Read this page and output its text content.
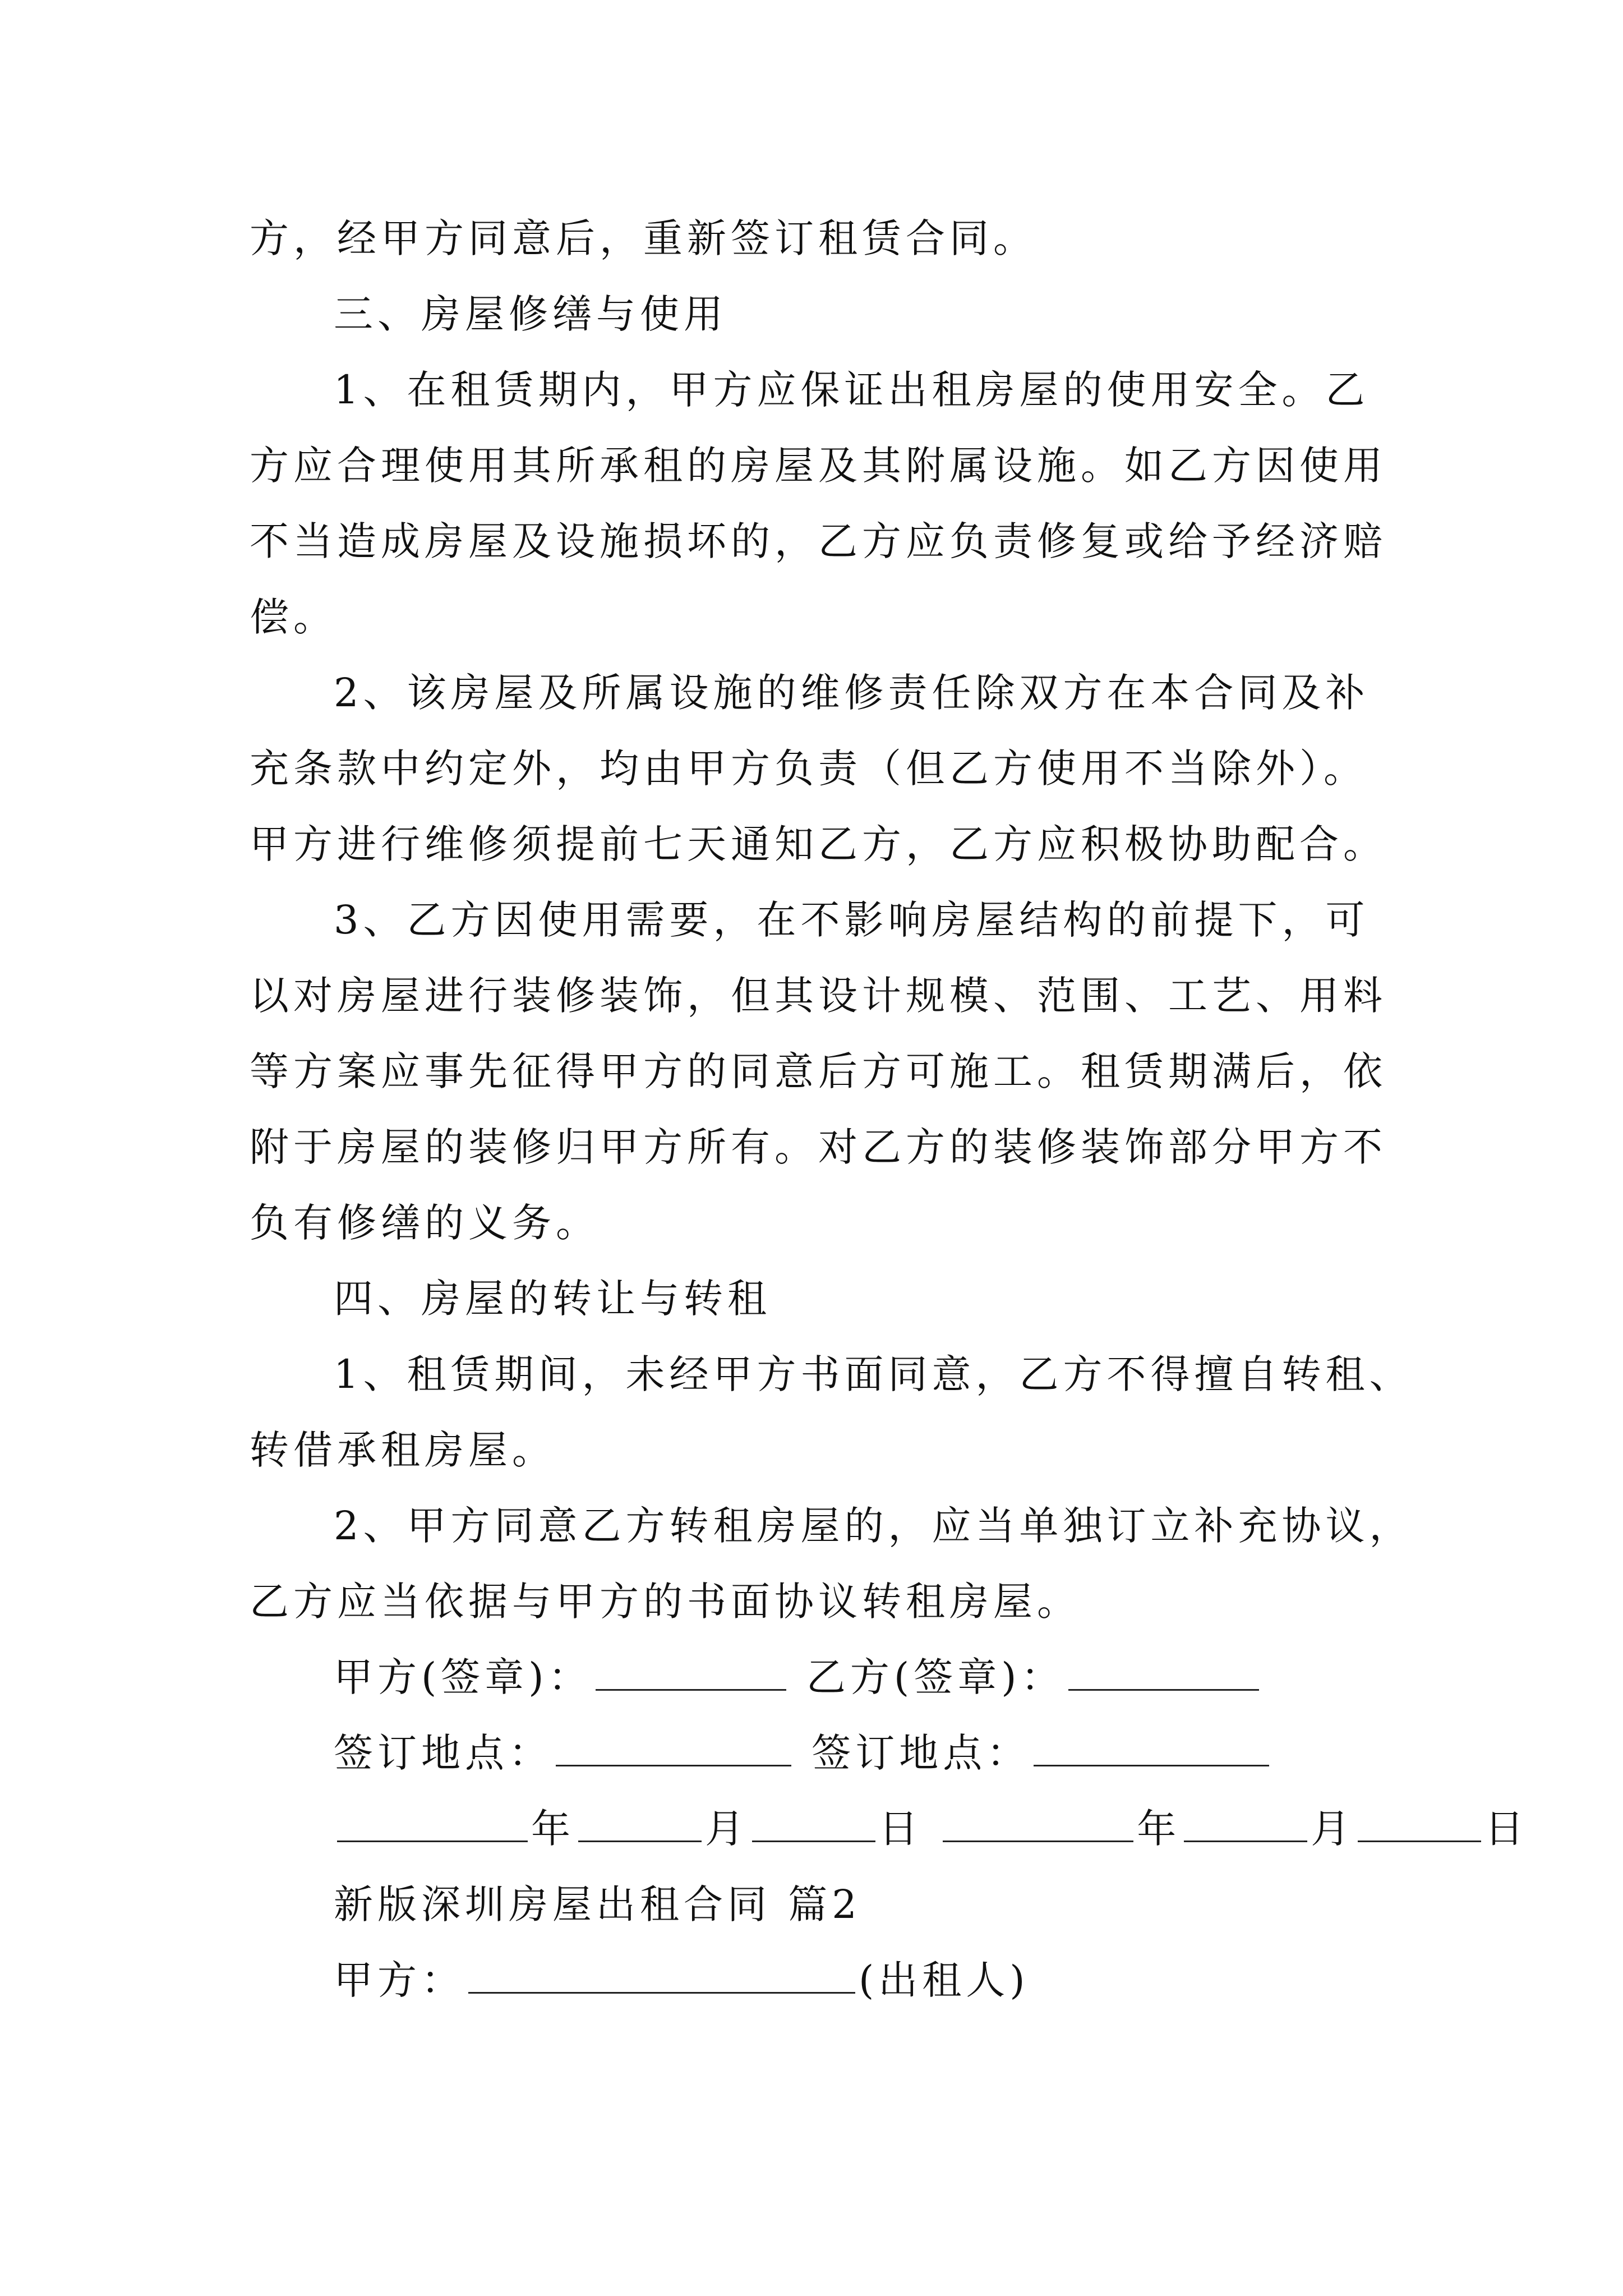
方，经甲方同意后，重新签订租赁合同。
三、房屋修缮与使用
1、在租赁期内，甲方应保证出租房屋的使用安全。乙
方应合理使用其所承租的房屋及其附属设施。如乙方因使用
不当造成房屋及设施损坏的，乙方应负责修复或给予经济赔
偿。
2、该房屋及所属设施的维修责任除双方在本合同及补
充条款中约定外，均由甲方负责（但乙方使用不当除外）。
甲方进行维修须提前七天通知乙方，乙方应积极协助配合。
3、乙方因使用需要，在不影响房屋结构的前提下，可
以对房屋进行装修装饰，但其设计规模、范围、工艺、用料
等方案应事先征得甲方的同意后方可施工。租赁期满后，依
附于房屋的装修归甲方所有。对乙方的装修装饰部分甲方不
负有修缮的义务。
四、房屋的转让与转租
1、租赁期间，未经甲方书面同意，乙方不得擅自转租、
转借承租房屋。
2、甲方同意乙方转租房屋的，应当单独订立补充协议，
乙方应当依据与甲方的书面协议转租房屋。
甲方(签章)：	乙方(签章)：
签订地点：	签订地点：
年	月	日	年	月	日
新版深圳房屋出租合同 篇2
甲方：	(出租人)
